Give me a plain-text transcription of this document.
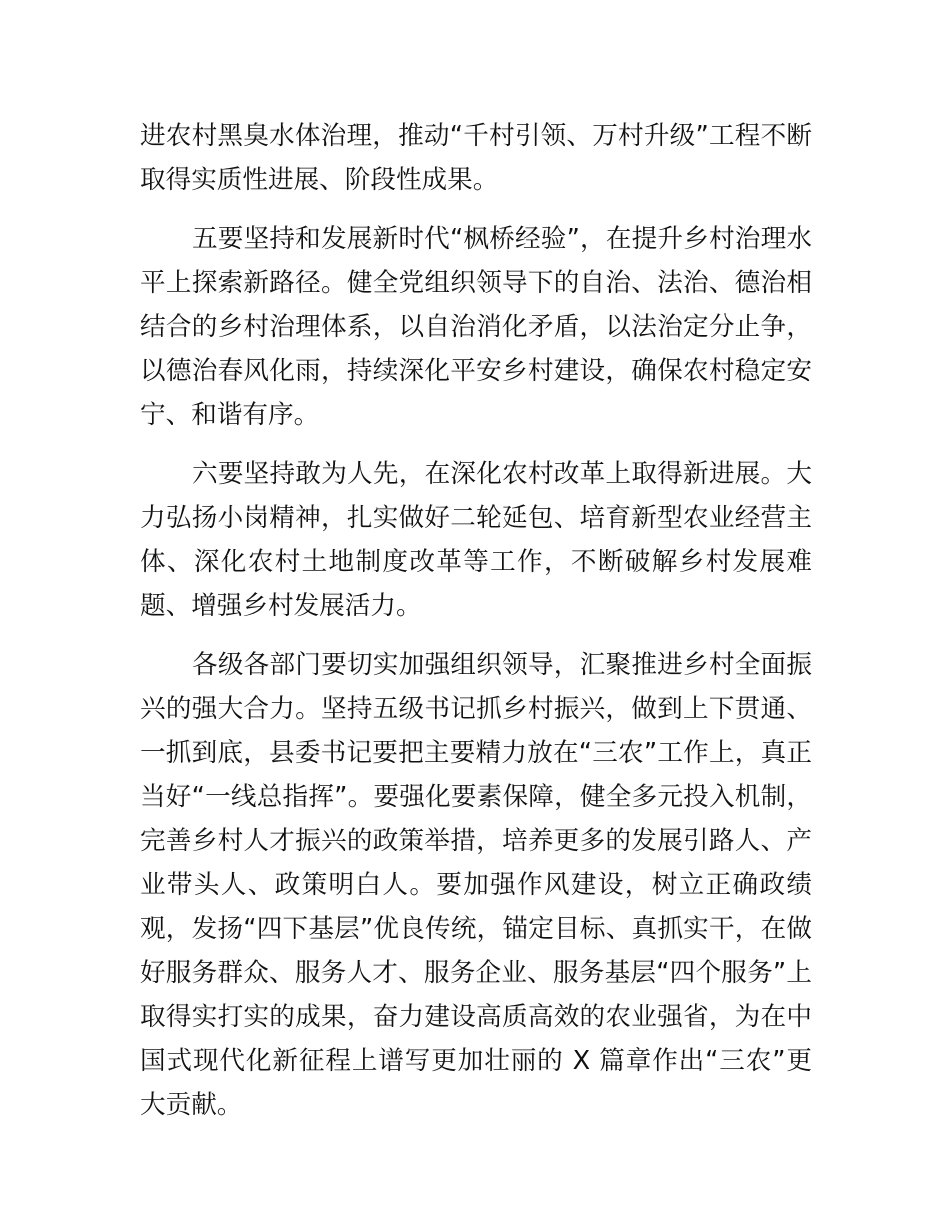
进农村黑臭水体治理，推动“千村引领、万村升级”工程不断取得实质性进展、阶段性成果。

五要坚持和发展新时代“枫桥经验”，在提升乡村治理水平上探索新路径。健全党组织领导下的自治、法治、德治相结合的乡村治理体系，以自治消化矛盾，以法治定分止争，以德治春风化雨，持续深化平安乡村建设，确保农村稳定安宁、和谐有序。

六要坚持敢为人先，在深化农村改革上取得新进展。大力弘扬小岗精神，扎实做好二轮延包、培育新型农业经营主体、深化农村土地制度改革等工作，不断破解乡村发展难题、增强乡村发展活力。

各级各部门要切实加强组织领导，汇聚推进乡村全面振兴的强大合力。坚持五级书记抓乡村振兴，做到上下贯通、一抓到底，县委书记要把主要精力放在“三农”工作上，真正当好“一线总指挥”。要强化要素保障，健全多元投入机制，完善乡村人才振兴的政策举措，培养更多的发展引路人、产业带头人、政策明白人。要加强作风建设，树立正确政绩观，发扬“四下基层”优良传统，锚定目标、真抓实干，在做好服务群众、服务人才、服务企业、服务基层“四个服务”上取得实打实的成果，奋力建设高质高效的农业强省，为在中国式现代化新征程上谱写更加壮丽的 X 篇章作出“三农”更大贡献。
